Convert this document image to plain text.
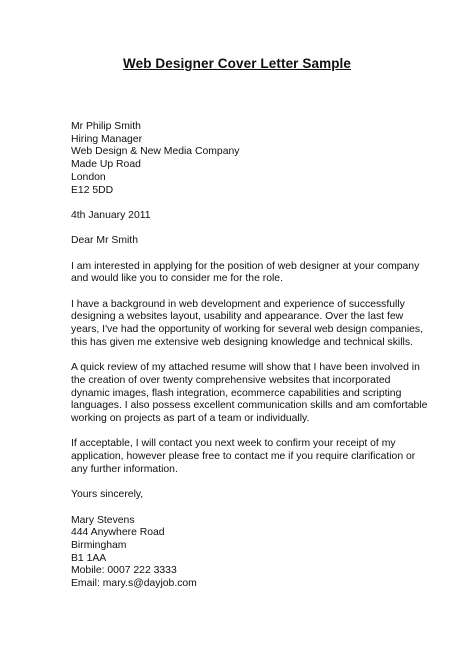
Web Designer Cover Letter Sample
Mr Philip Smith
Hiring Manager
Web Design & New Media Company
Made Up Road
London
E12 5DD
4th January 2011
Dear Mr Smith
I am interested in applying for the position of web designer at your company
and would like you to consider me for the role.
I have a background in web development and experience of successfully
designing a websites layout, usability and appearance. Over the last few
years, I've had the opportunity of working for several web design companies,
this has given me extensive web designing knowledge and technical skills.
A quick review of my attached resume will show that I have been involved in
the creation of over twenty comprehensive websites that incorporated
dynamic images, flash integration, ecommerce capabilities and scripting
languages. I also possess excellent communication skills and am comfortable
working on projects as part of a team or individually.
If acceptable, I will contact you next week to confirm your receipt of my
application, however please free to contact me if you require clarification or
any further information.
Yours sincerely,
Mary Stevens
444 Anywhere Road
Birmingham
B1 1AA
Mobile: 0007 222 3333
Email: mary.s@dayjob.com
